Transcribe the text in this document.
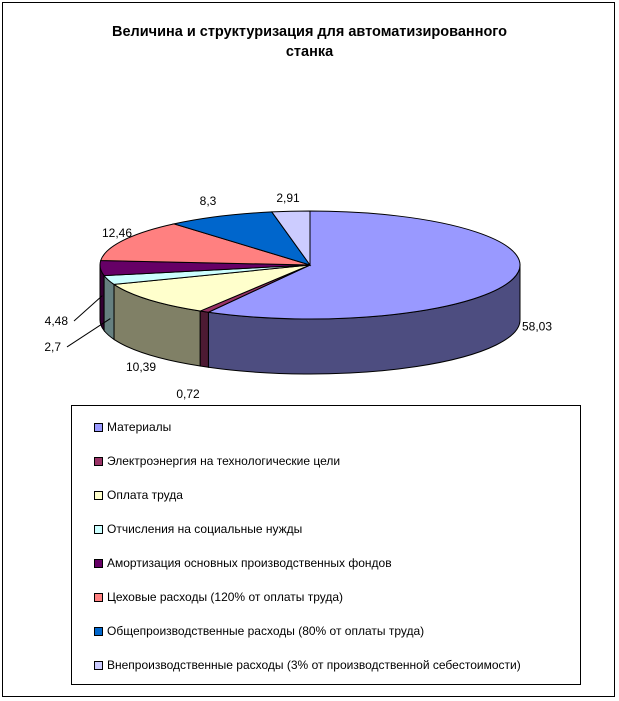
Величина и структуризация для автоматизированного
станка
58,03
0,72
10,39
2,7
4,48
12,46
8,3	2,91
Материалы
Электроэнергия на технологические цели
Оплата труда
Отчисления на социальные нужды
Амортизация основных производственных фондов
Цеховые расходы (120% от оплаты труда)
Общепроизводственные расходы (80% от оплаты труда)
Внепроизводственные расходы (3% от производственной себестоимости)
